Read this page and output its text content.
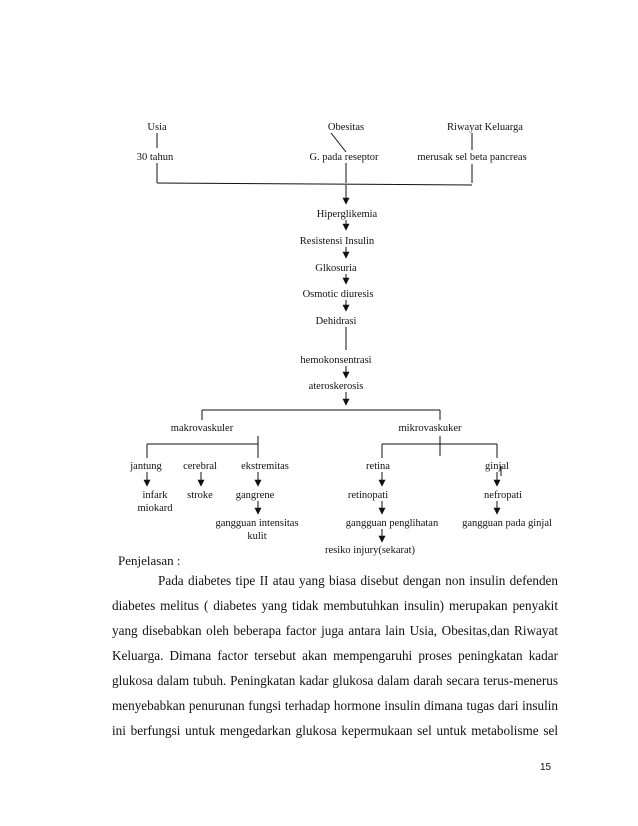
Usia	Obesitas	Riwayat Keluarga
30 tahun	G. pada reseptor	merusak sel beta pancreas
Hiperglikemia
Resistensi Insulin
Glkosuria
Osmotic diuresis
Dehidrasi
hemokonsentrasi
ateroskerosis
makrovaskuler	mikrovaskuker
jantung cerebral ekstremitas	retina	ginjal
infark
miokard
stroke gangrene	retinopati	nefropati
gangguan intensitas
kulit
gangguan penglihatan gangguan pada ginjal
resiko injury(sekarat)
Penjelasan :

Pada diabetes tipe II atau yang biasa disebut dengan non insulin defenden

diabetes melitus ( diabetes yang tidak membutuhkan insulin) merupakan penyakit

yang disebabkan oleh beberapa factor juga antara lain Usia, Obesitas,dan Riwayat

Keluarga. Dimana factor tersebut akan mempengaruhi proses peningkatan kadar

glukosa dalam tubuh. Peningkatan kadar glukosa dalam darah secara terus-menerus

menyebabkan penurunan fungsi terhadap hormone insulin dimana tugas dari insulin

ini berfungsi untuk mengedarkan glukosa kepermukaan sel untuk metabolisme sel

15
